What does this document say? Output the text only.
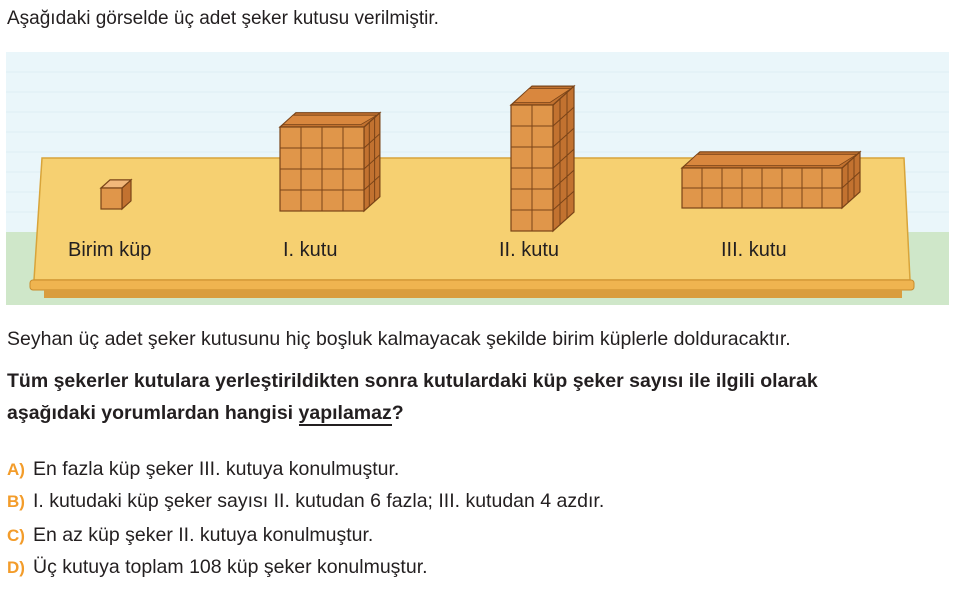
Aşağıdaki görselde üç adet şeker kutusu verilmiştir.
Birim küp	I. kutu	II. kutu	III. kutu
Seyhan üç adet şeker kutusunu hiç boşluk kalmayacak şekilde birim küplerle dolduracaktır.
Tüm şekerler kutulara yerleştirildikten sonra kutulardaki küp şeker sayısı ile ilgili olarak
aşağıdaki yorumlardan hangisi yapılamaz?
A) En fazla küp şeker III. kutuya konulmuştur.
B) I. kutudaki küp şeker sayısı II. kutudan 6 fazla; III. kutudan 4 azdır.
C) En az küp şeker II. kutuya konulmuştur.
D) Üç kutuya toplam 108 küp şeker konulmuştur.
